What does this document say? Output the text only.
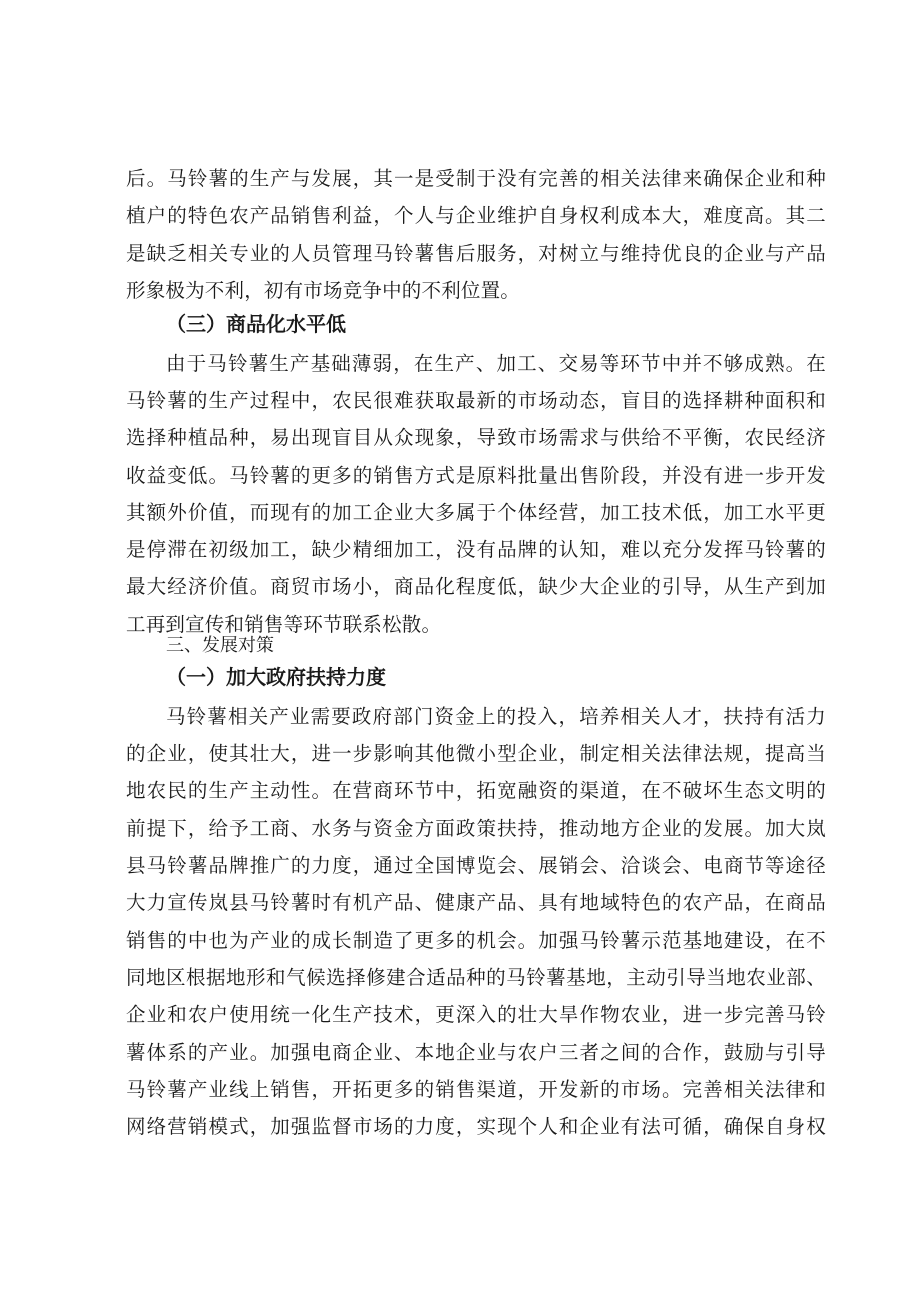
后。马铃薯的生产与发展，其一是受制于没有完善的相关法律来确保企业和种
植户的特色农产品销售利益，个人与企业维护自身权利成本大，难度高。其二
是缺乏相关专业的人员管理马铃薯售后服务，对树立与维持优良的企业与产品
形象极为不利，初有市场竞争中的不利位置。
（三）商品化水平低
由于马铃薯生产基础薄弱，在生产、加工、交易等环节中并不够成熟。在
马铃薯的生产过程中，农民很难获取最新的市场动态，盲目的选择耕种面积和
选择种植品种，易出现盲目从众现象，导致市场需求与供给不平衡，农民经济
收益变低。马铃薯的更多的销售方式是原料批量出售阶段，并没有进一步开发
其额外价值，而现有的加工企业大多属于个体经营，加工技术低，加工水平更
是停滞在初级加工，缺少精细加工，没有品牌的认知，难以充分发挥马铃薯的
最大经济价值。商贸市场小，商品化程度低，缺少大企业的引导，从生产到加
工再到宣传和销售等环节联系松散。
三、发展对策
（一）加大政府扶持力度
马铃薯相关产业需要政府部门资金上的投入，培养相关人才，扶持有活力
的企业，使其壮大，进一步影响其他微小型企业，制定相关法律法规，提高当
地农民的生产主动性。在营商环节中，拓宽融资的渠道，在不破坏生态文明的
前提下，给予工商、水务与资金方面政策扶持，推动地方企业的发展。加大岚
县马铃薯品牌推广的力度，通过全国博览会、展销会、洽谈会、电商节等途径
大力宣传岚县马铃薯时有机产品、健康产品、具有地域特色的农产品，在商品
销售的中也为产业的成长制造了更多的机会。加强马铃薯示范基地建设，在不
同地区根据地形和气候选择修建合适品种的马铃薯基地，主动引导当地农业部、
企业和农户使用统一化生产技术，更深入的壮大旱作物农业，进一步完善马铃
薯体系的产业。加强电商企业、本地企业与农户三者之间的合作，鼓励与引导
马铃薯产业线上销售，开拓更多的销售渠道，开发新的市场。完善相关法律和
网络营销模式，加强监督市场的力度，实现个人和企业有法可循，确保自身权
